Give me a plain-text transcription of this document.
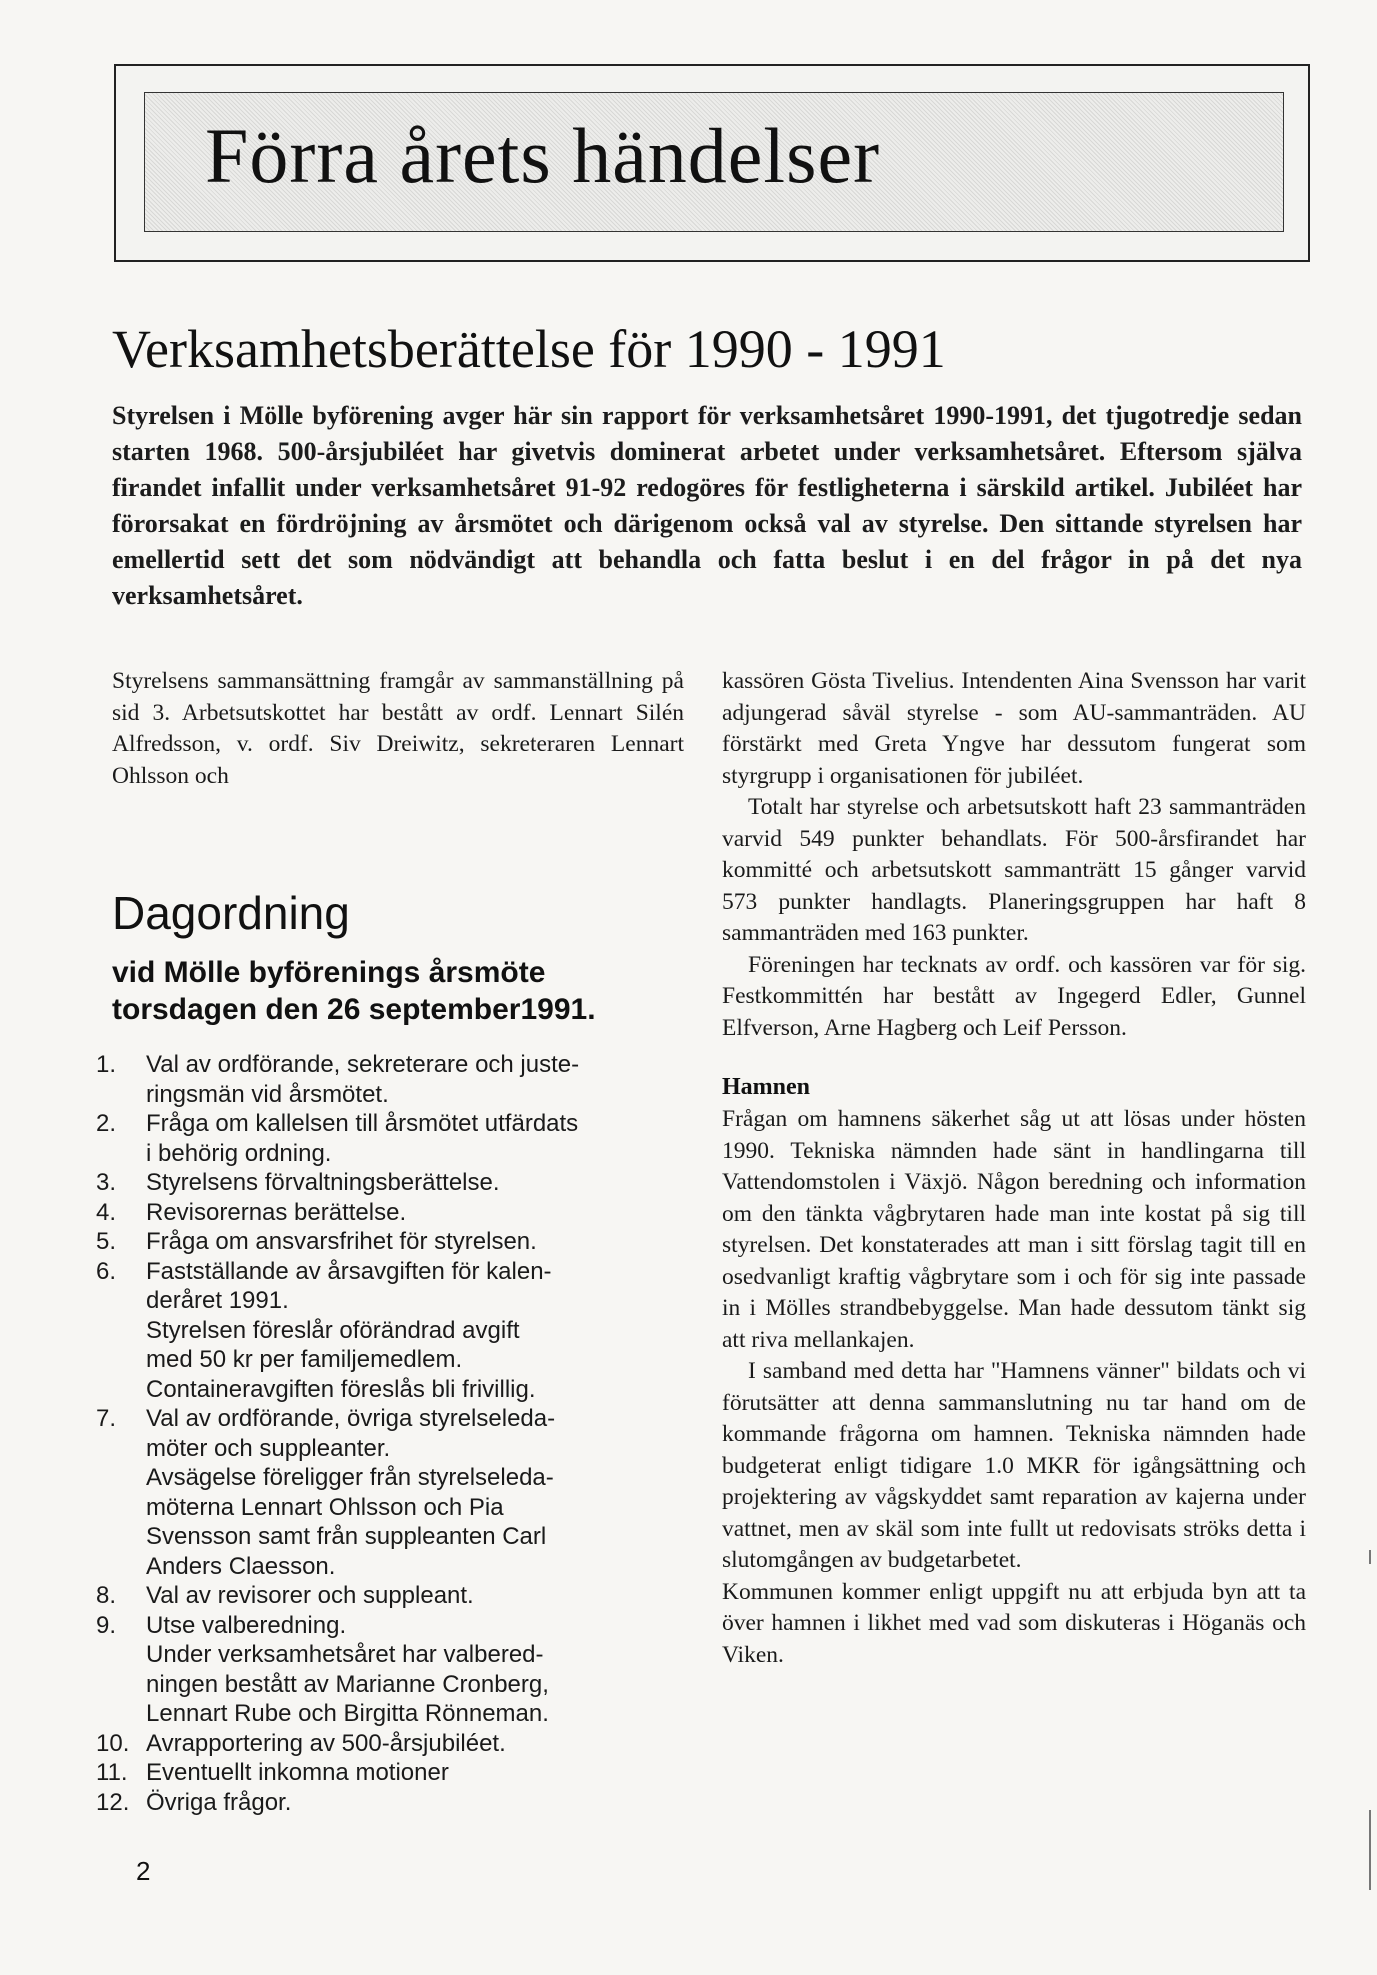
Förra årets händelser
Verksamhetsberättelse för 1990 - 1991

Styrelsen i Mölle byförening avger här sin rapport för verksamhetsåret 1990-1991, det tjugotredje sedan starten 1968. 500-årsjubiléet har givetvis dominerat arbetet under verksamhetsåret. Eftersom själva firandet infallit under verksamhetsåret 91-92 redogöres för festligheterna i särskild artikel. Jubiléet har förorsakat en fördröjning av årsmötet och därigenom också val av styrelse. Den sittande styrelsen har emellertid sett det som nödvändigt att behandla och fatta beslut i en del frågor in på det nya verksamhetsåret.

Styrelsens sammansättning framgår av sammanställning på sid 3. Arbetsutskottet har bestått av ordf. Lennart Silén Alfredsson, v. ordf. Siv Dreiwitz, sekreteraren Lennart Ohlsson och

Dagordning

vid Mölle byförenings årsmöte torsdagen den 26 september1991.

1.	Val av ordförande, sekreterare och juste-
ringsmän vid årsmötet.
2.	Fråga om kallelsen till årsmötet utfärdats
i behörig ordning.
3.	Styrelsens förvaltningsberättelse.
4.	Revisorernas berättelse.
5.	Fråga om ansvarsfrihet för styrelsen.
6.	Fastställande av årsavgiften för kalen-
deråret 1991.
Styrelsen föreslår oförändrad avgift
med 50 kr per familjemedlem.
Containeravgiften föreslås bli frivillig.
7.	Val av ordförande, övriga styrelseleda-
möter och suppleanter.
Avsägelse föreligger från styrelseleda-
möterna Lennart Ohlsson och Pia
Svensson samt från suppleanten Carl
Anders Claesson.
8.	Val av revisorer och suppleant.
9.	Utse valberedning.
Under verksamhetsåret har valbered-
ningen bestått av Marianne Cronberg,
Lennart Rube och Birgitta Rönneman.
10. Avrapportering av 500-årsjubiléet.
11. Eventuellt inkomna motioner
12. Övriga frågor.

kassören Gösta Tivelius. Intendenten Aina Svensson har varit adjungerad såväl styrelse - som AU-sammanträden. AU förstärkt med Greta Yngve har dessutom fungerat som styrgrupp i organisationen för jubiléet.

Totalt har styrelse och arbetsutskott haft 23 sammanträden varvid 549 punkter behandlats. För 500-årsfirandet har kommitté och arbetsutskott sammanträtt 15 gånger varvid 573 punkter handlagts. Planeringsgruppen har haft 8 sammanträden med 163 punkter.

Föreningen har tecknats av ordf. och kassören var för sig. Festkommittén har bestått av Ingegerd Edler, Gunnel Elfverson, Arne Hagberg och Leif Persson.

Hamnen

Frågan om hamnens säkerhet såg ut att lösas under hösten 1990. Tekniska nämnden hade sänt in handlingarna till Vattendomstolen i Växjö. Någon beredning och information om den tänkta vågbrytaren hade man inte kostat på sig till styrelsen. Det konstaterades att man i sitt förslag tagit till en osedvanligt kraftig vågbrytare som i och för sig inte passade in i Mölles strandbebyggelse. Man hade dessutom tänkt sig att riva mellankajen.

I samband med detta har "Hamnens vänner" bildats och vi förutsätter att denna sammanslutning nu tar hand om de kommande frågorna om hamnen. Tekniska nämnden hade budgeterat enligt tidigare 1.0 MKR för igångsättning och projektering av vågskyddet samt reparation av kajerna under vattnet, men av skäl som inte fullt ut redovisats ströks detta i slutomgången av budgetarbetet.

Kommunen kommer enligt uppgift nu att erbjuda byn att ta över hamnen i likhet med vad som diskuteras i Höganäs och Viken.

2
